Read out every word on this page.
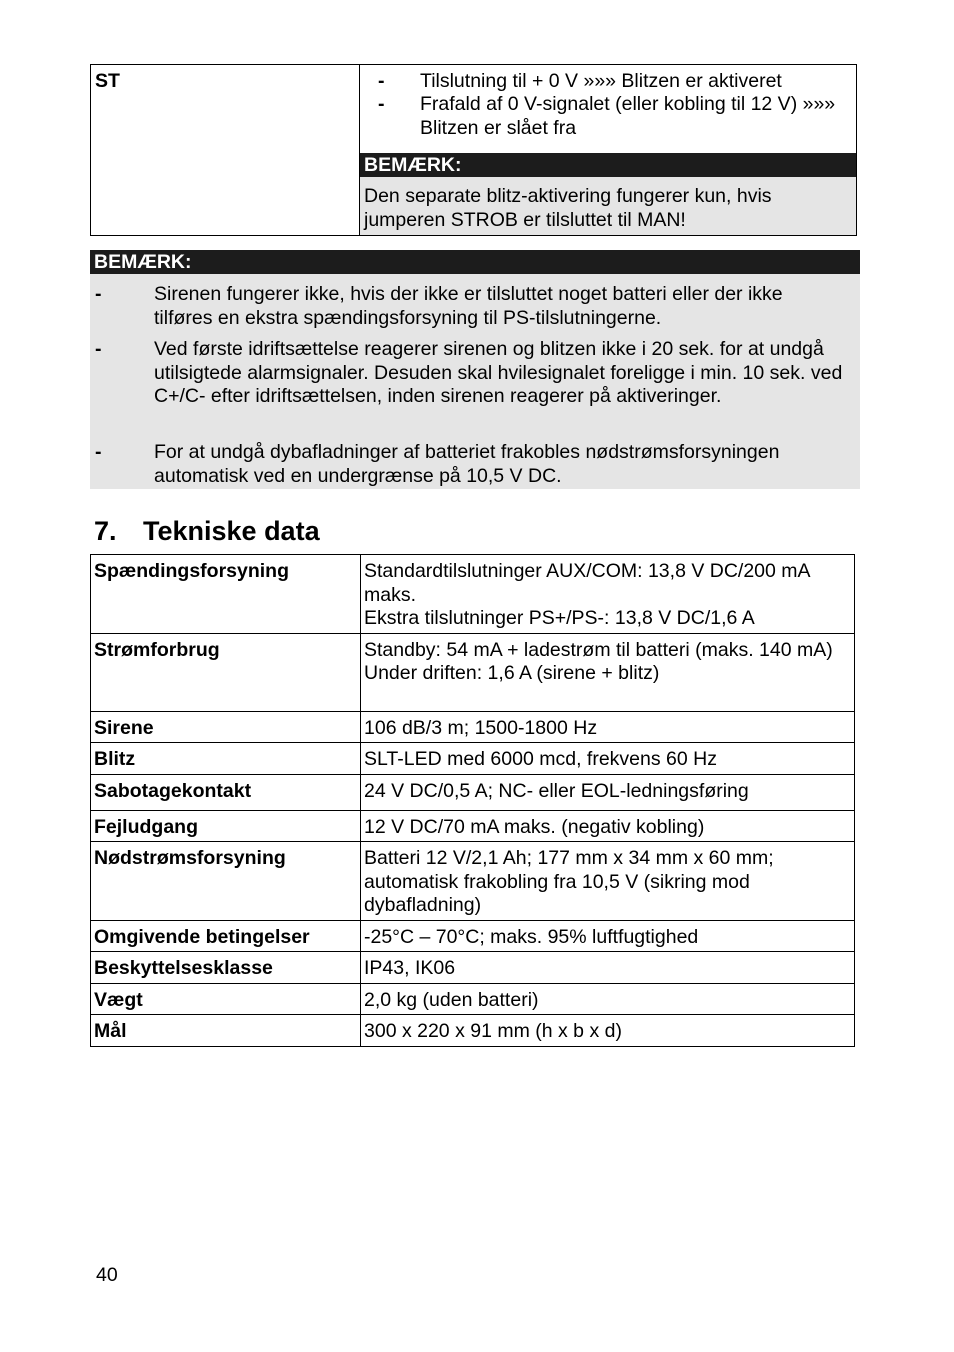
ST	- Tilslutning til + 0 V »»» Blitzen er aktiveret
- Frafald af 0 V-signalet (eller kobling til 12 V) »»» Blitzen er slået fra
BEMÆRK:
Den separate blitz-aktivering fungerer kun, hvis jumperen STROB er tilsluttet til MAN!
BEMÆRK:
-	Sirenen fungerer ikke, hvis der ikke er tilsluttet noget batteri eller der ikke tilføres en ekstra spændingsforsyning til PS-tilslutningerne.
-	Ved første idriftsættelse reagerer sirenen og blitzen ikke i 20 sek. for at undgå utilsigtede alarmsignaler. Desuden skal hvilesignalet foreligge i min. 10 sek. ved C+/C- efter idriftsættelsen, inden sirenen reagerer på aktiveringer.
-	For at undgå dybafladninger af batteriet frakobles nødstrømsforsyningen automatisk ved en undergrænse på 10,5 V DC.
7. Tekniske data
Spændingsforsyning	Standardtilslutninger AUX/COM: 13,8 V DC/200 mA maks.
Ekstra tilslutninger PS+/PS-: 13,8 V DC/1,6 A

Strømforbrug	Standby: 54 mA + ladestrøm til batteri (maks. 140 mA)
Under driften: 1,6 A (sirene + blitz)

Sirene	106 dB/3 m; 1500-1800 Hz

Blitz	SLT-LED med 6000 mcd, frekvens 60 Hz

Sabotagekontakt	24 V DC/0,5 A; NC- eller EOL-ledningsføring

Fejludgang	12 V DC/70 mA maks. (negativ kobling)

Nødstrømsforsyning	Batteri 12 V/2,1 Ah; 177 mm x 34 mm x 60 mm; automatisk frakobling fra 10,5 V (sikring mod dybafladning)

Omgivende betingelser	-25°C – 70°C; maks. 95% luftfugtighed

Beskyttelsesklasse	IP43, IK06

Vægt	2,0 kg (uden batteri)

Mål	300 x 220 x 91 mm (h x b x d)
40
